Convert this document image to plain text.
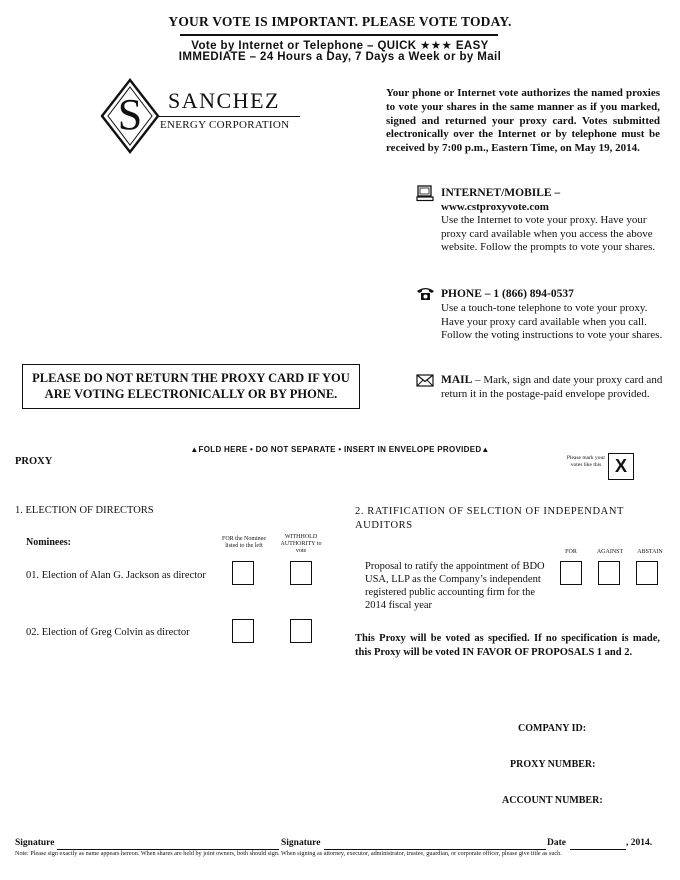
YOUR VOTE IS IMPORTANT. PLEASE VOTE TODAY.
Vote by Internet or Telephone – QUICK ★★★ EASY
IMMEDIATE – 24 Hours a Day, 7 Days a Week or by Mail
S	SANCHEZ
ENERGY CORPORATION
Your phone or Internet vote authorizes the named proxies to vote your shares in the same manner as if you marked, signed and returned your proxy card. Votes submitted electronically over the Internet or by telephone must be received by 7:00 p.m., Eastern Time, on May 19, 2014.
INTERNET/MOBILE –
www.cstproxyvote.com
Use the Internet to vote your proxy. Have your proxy card available when you access the above website. Follow the prompts to vote your shares.
PHONE – 1 (866) 894-0537
Use a touch-tone telephone to vote your proxy. Have your proxy card available when you call. Follow the voting instructions to vote your shares.
MAIL – Mark, sign and date your proxy card and return it in the postage-paid envelope provided.
PLEASE DO NOT RETURN THE PROXY CARD IF YOU ARE VOTING ELECTRONICALLY OR BY PHONE.
▲FOLD HERE • DO NOT SEPARATE • INSERT IN ENVELOPE PROVIDED▲
PROXY	Please mark your votes like this X
1. ELECTION OF DIRECTORS
Nominees:	FOR the Nominee listed to the left
WITHHOLD AUTHORITY to vote
01. Election of Alan G. Jackson as director
02. Election of Greg Colvin as director
2. RATIFICATION OF SELCTION OF INDEPENDANT AUDITORS
FOR	AGAINST	ABSTAIN
Proposal to ratify the appointment of BDO USA, LLP as the Company’s independent registered public accounting firm for the 2014 fiscal year
This Proxy will be voted as specified. If no specification is made, this Proxy will be voted IN FAVOR OF PROPOSALS 1 and 2.
COMPANY ID:
PROXY NUMBER:
ACCOUNT NUMBER:
Signature	Signature	Date	, 2014.
Note: Please sign exactly as name appears hereon. When shares are held by joint owners, both should sign. When signing as attorney, executor, administrator, trustee, guardian, or corporate officer, please give title as such.
